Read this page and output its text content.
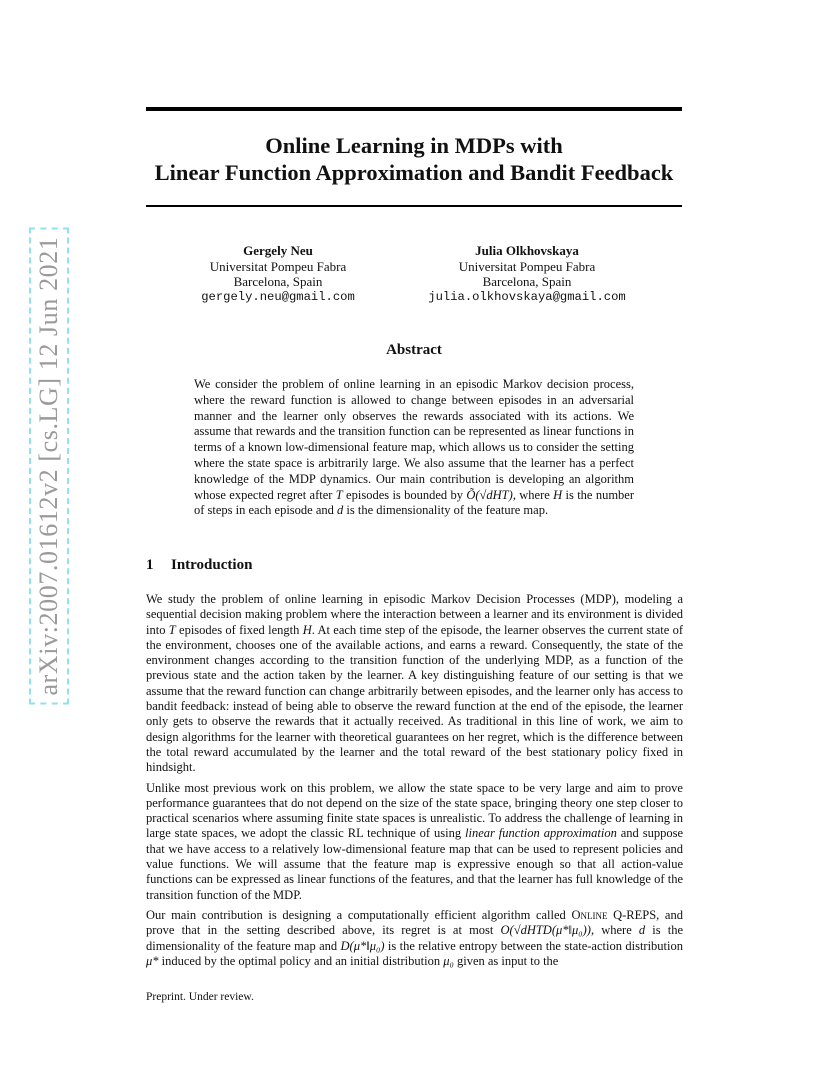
arXiv:2007.01612v2 [cs.LG] 12 Jun 2021
Online Learning in MDPs with
Linear Function Approximation and Bandit Feedback
Gergely Neu
Universitat Pompeu Fabra
Barcelona, Spain
gergely.neu@gmail.com
Julia Olkhovskaya
Universitat Pompeu Fabra
Barcelona, Spain
julia.olkhovskaya@gmail.com
Abstract
We consider the problem of online learning in an episodic Markov decision process, where the reward function is allowed to change between episodes in an adversarial manner and the learner only observes the rewards associated with its actions. We assume that rewards and the transition function can be represented as linear functions in terms of a known low-dimensional feature map, which allows us to consider the setting where the state space is arbitrarily large. We also assume that the learner has a perfect knowledge of the MDP dynamics. Our main contribution is developing an algorithm whose expected regret after T episodes is bounded by Õ(√dHT), where H is the number of steps in each episode and d is the dimensionality of the feature map.
1 Introduction

We study the problem of online learning in episodic Markov Decision Processes (MDP), modeling a sequential decision making problem where the interaction between a learner and its environment is divided into T episodes of fixed length H. At each time step of the episode, the learner observes the current state of the environment, chooses one of the available actions, and earns a reward. Consequently, the state of the environment changes according to the transition function of the underlying MDP, as a function of the previous state and the action taken by the learner. A key distinguishing feature of our setting is that we assume that the reward function can change arbitrarily between episodes, and the learner only has access to bandit feedback: instead of being able to observe the reward function at the end of the episode, the learner only gets to observe the rewards that it actually received. As traditional in this line of work, we aim to design algorithms for the learner with theoretical guarantees on her regret, which is the difference between the total reward accumulated by the learner and the total reward of the best stationary policy fixed in hindsight.

Unlike most previous work on this problem, we allow the state space to be very large and aim to prove performance guarantees that do not depend on the size of the state space, bringing theory one step closer to practical scenarios where assuming finite state spaces is unrealistic. To address the challenge of learning in large state spaces, we adopt the classic RL technique of using linear function approximation and suppose that we have access to a relatively low-dimensional feature map that can be used to represent policies and value functions. We will assume that the feature map is expressive enough so that all action-value functions can be expressed as linear functions of the features, and that the learner has full knowledge of the transition function of the MDP.

Our main contribution is designing a computationally efficient algorithm called Online Q-REPS, and prove that in the setting described above, its regret is at most O(√dHTD(μ*‖μ₀)), where d is the dimensionality of the feature map and D(μ*‖μ₀) is the relative entropy between the state-action distribution μ* induced by the optimal policy and an initial distribution μ₀ given as input to the

Preprint. Under review.
